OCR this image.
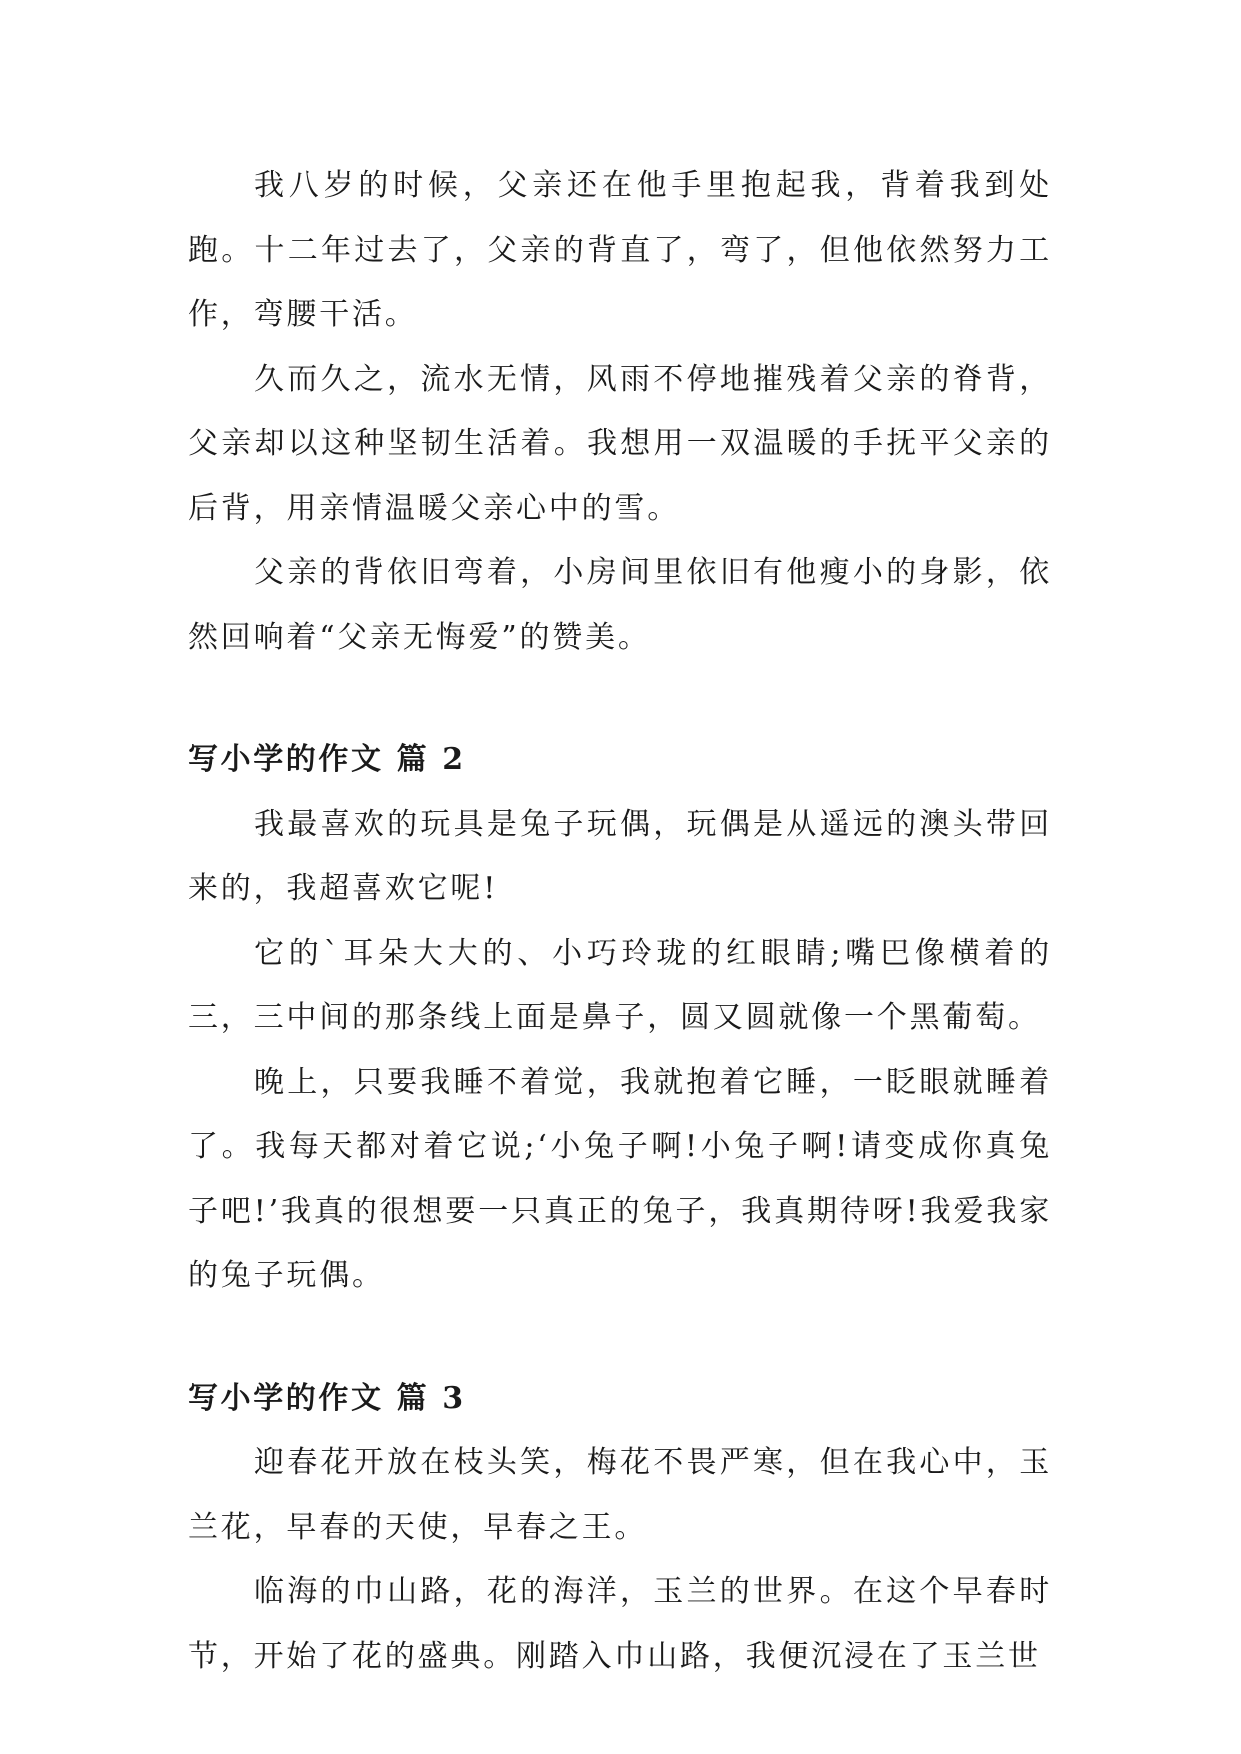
我八岁的时候，父亲还在他手里抱起我，背着我到处跑。十二年过去了，父亲的背直了，弯了，但他依然努力工作，弯腰干活。

久而久之，流水无情，风雨不停地摧残着父亲的脊背，父亲却以这种坚韧生活着。我想用一双温暖的手抚平父亲的后背，用亲情温暖父亲心中的雪。

父亲的背依旧弯着，小房间里依旧有他瘦小的身影，依然回响着“父亲无悔爱”的赞美。

写小学的作文 篇 2

我最喜欢的玩具是兔子玩偶，玩偶是从遥远的澳头带回来的，我超喜欢它呢!

它的`耳朵大大的、小巧玲珑的红眼睛;嘴巴像横着的三，三中间的那条线上面是鼻子，圆又圆就像一个黑葡萄。

晚上，只要我睡不着觉，我就抱着它睡，一眨眼就睡着了。我每天都对着它说;‘小兔子啊!小兔子啊!请变成你真兔子吧!’我真的很想要一只真正的兔子，我真期待呀!我爱我家的兔子玩偶。

写小学的作文 篇 3

迎春花开放在枝头笑，梅花不畏严寒，但在我心中，玉兰花，早春的天使，早春之王。

临海的巾山路，花的海洋，玉兰的世界。在这个早春时节，开始了花的盛典。刚踏入巾山路，我便沉浸在了玉兰世
